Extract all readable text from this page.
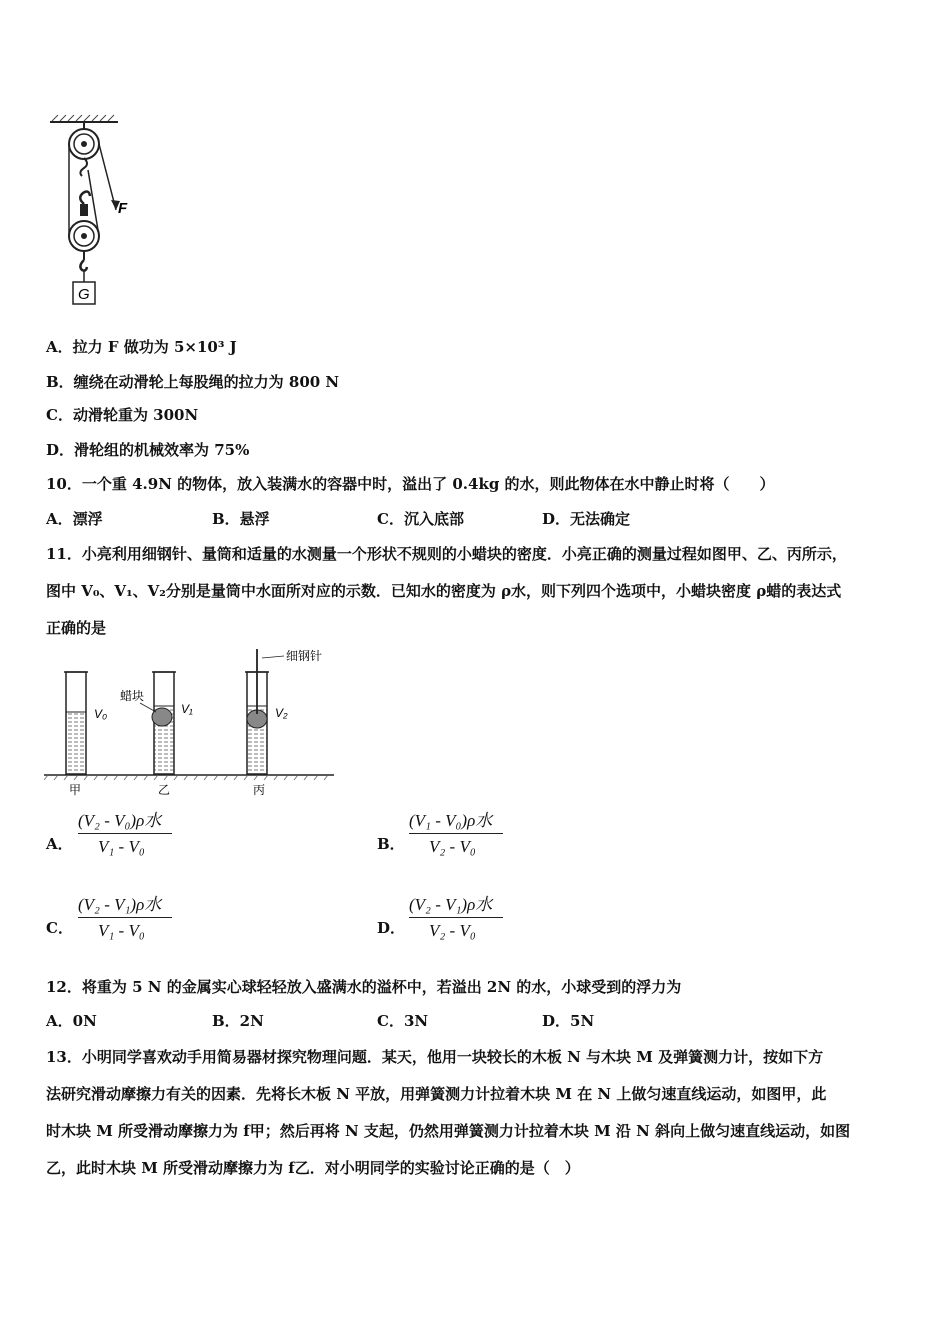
F
G
A．拉力 F 做功为 5×10³ J
B．缠绕在动滑轮上每股绳的拉力为 800 N
C．动滑轮重为 300N
D．滑轮组的机械效率为 75%
10．一个重 4.9N 的物体，放入装满水的容器中时，溢出了 0.4kg 的水，则此物体在水中静止时将（　　）
A．漂浮	B．悬浮	C．沉入底部	D．无法确定
11．小亮利用细钢针、量筒和适量的水测量一个形状不规则的小蜡块的密度．小亮正确的测量过程如图甲、乙、丙所示，
图中 V₀、V₁、V₂分别是量筒中水面所对应的示数．已知水的密度为 ρ水，则下列四个选项中，小蜡块密度 ρ蜡的表达式
正确的是
V₀
蜡块
V₁
细钢针
V₂
甲	乙	丙
A．
(V₂ - V₀)ρ水
V₁ - V₀	B．
(V₁ - V₀)ρ水
V₂ - V₀
C．
(V₂ - V₁)ρ水
V₁ - V₀	D．
(V₂ - V₁)ρ水
V₂ - V₀
12．将重为 5 N 的金属实心球轻轻放入盛满水的溢杯中，若溢出 2N 的水，小球受到的浮力为
A．0N	B．2N	C．3N	D．5N
13．小明同学喜欢动手用简易器材探究物理问题．某天，他用一块较长的木板 N 与木块 M 及弹簧测力计，按如下方
法研究滑动摩擦力有关的因素．先将长木板 N 平放，用弹簧测力计拉着木块 M 在 N 上做匀速直线运动，如图甲，此
时木块 M 所受滑动摩擦力为 f甲；然后再将 N 支起，仍然用弹簧测力计拉着木块 M 沿 N 斜向上做匀速直线运动，如图
乙，此时木块 M 所受滑动摩擦力为 f乙．对小明同学的实验讨论正确的是（　）
